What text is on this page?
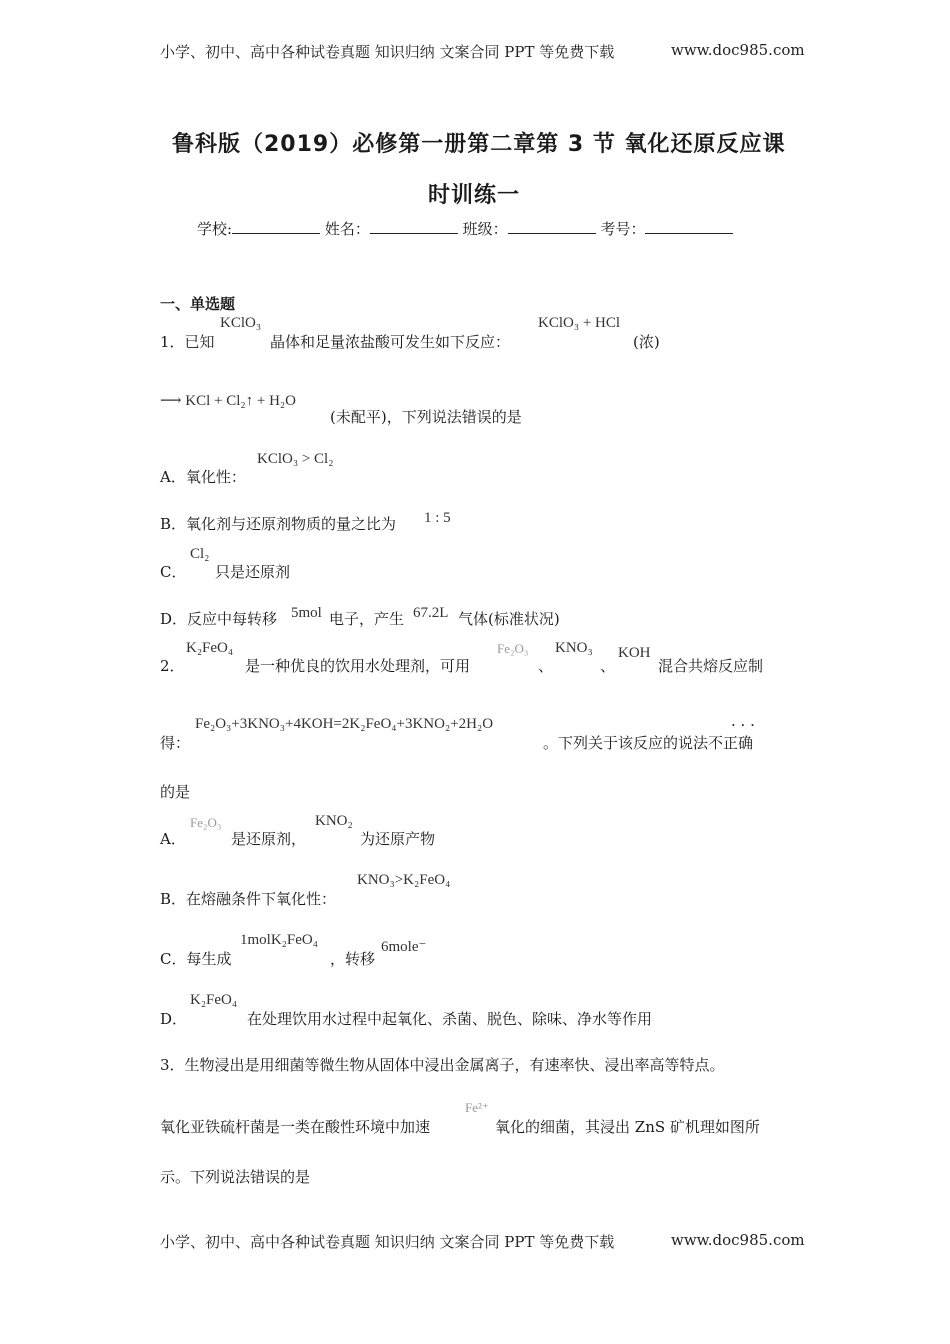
小学、初中、高中各种试卷真题 知识归纳 文案合同 PPT 等免费下载	www.doc985.com
鲁科版（2019）必修第一册第二章第 3 节 氧化还原反应课
时训练一
学校:	姓名：	班级：	考号：
一、单选题
1．已知
KClO₃
晶体和足量浓盐酸可发生如下反应：
KClO₃ + HCl
(浓)
⟶ KCl + Cl₂↑ + H₂O
(未配平)，下列说法错误的是
A．氧化性：
KClO₃ > Cl₂
B．氧化剂与还原剂物质的量之比为 1 : 5
C．
Cl₂
只是还原剂
D．反应中每转移 5mol 电子，产生 67.2L 气体(标准状况)
2．
K₂FeO₄
是一种优良的饮用水处理剂，可用
Fe₂O₃
、
KNO₃
、
KOH
混合共熔反应制
得：
Fe₂O₃+3KNO₃+4KOH=2K₂FeO₄+3KNO₂+2H₂O	· · ·
。下列关于该反应的说法不正确
的是
A．
Fe₂O₃
是还原剂，
KNO₂
为还原产物
B．在熔融条件下氧化性：
KNO₃>K₂FeO₄
C．每生成
1molK₂FeO₄
，转移
6mole⁻
D．
K₂FeO₄
在处理饮用水过程中起氧化、杀菌、脱色、除味、净水等作用
3．生物浸出是用细菌等微生物从固体中浸出金属离子，有速率快、浸出率高等特点。
氧化亚铁硫杆菌是一类在酸性环境中加速
Fe²⁺
氧化的细菌，其浸出 ZnS 矿机理如图所
示。下列说法错误的是
小学、初中、高中各种试卷真题 知识归纳 文案合同 PPT 等免费下载	www.doc985.com
